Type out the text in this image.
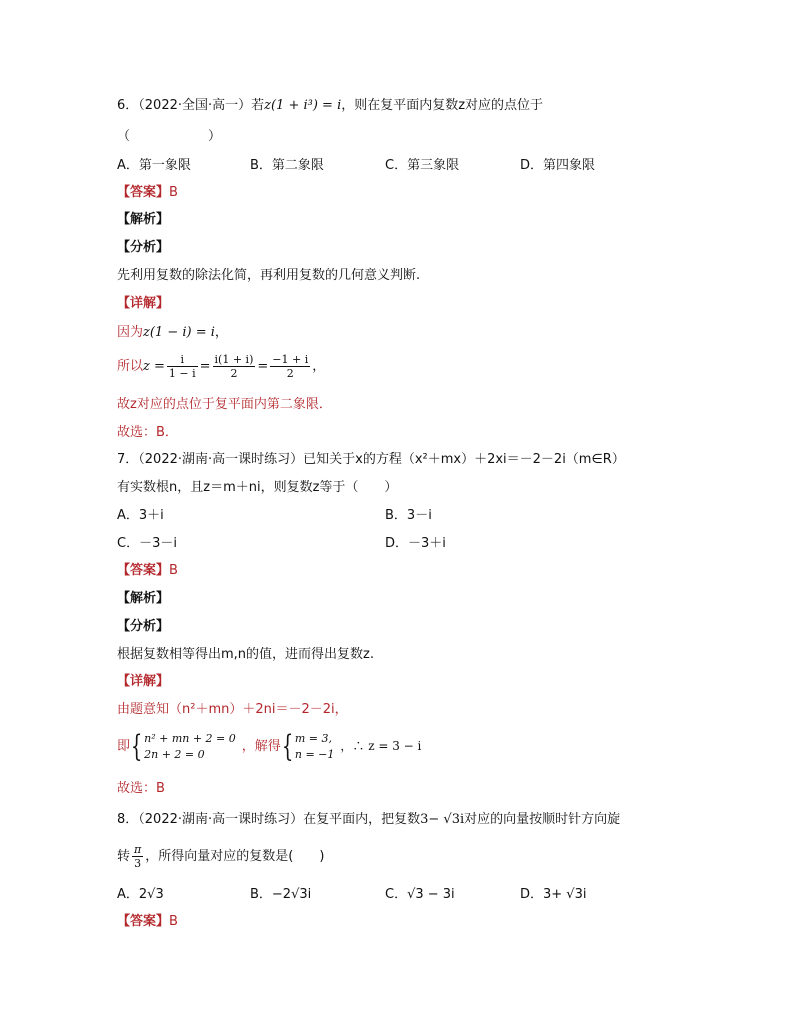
6．（2022·全国·高一）若z(1 + i³) = i，则在复平面内复数z对应的点位于
（　　　　　　）
A．第一象限	B．第二象限	C．第三象限	D．第四象限
【答案】B
【解析】
【分析】
先利用复数的除法化简，再利用复数的几何意义判断.
【详解】
因为z(1 − i) = i，
所以$z = \frac{i}{1 - i} = \frac{i(1 + i)}{2} = \frac{-1 + i}{2}$ ，
故z对应的点位于复平面内第二象限．
故选：B．
7．（2022·湖南·高一课时练习）已知关于x的方程（x²＋mx）＋2xi＝－2－2i（m∈R）
有实数根n，且z＝m＋ni，则复数z等于（　　）
A．3＋i	B．3－i
C．－3－i	D．－3＋i
【答案】B
【解析】
【分析】
根据复数相等得出m,n的值，进而得出复数z.
【详解】
由题意知（n²＋mn）＋2ni＝－2－2i，
即{ n² + mn + 2 = 0
2n + 2 = 0	，解得{ m = 3,
n = −1
，∴ z = 3 − i
故选：B
8．（2022·湖南·高一课时练习）在复平面内，把复数3− √3i对应的向量按顺时针方向旋
转 $\frac{\pi}{3}$ ，所得向量对应的复数是(　　)
A．2√3	B．−2√3i	C．√3 − 3i	D．3+ √3i
【答案】B
